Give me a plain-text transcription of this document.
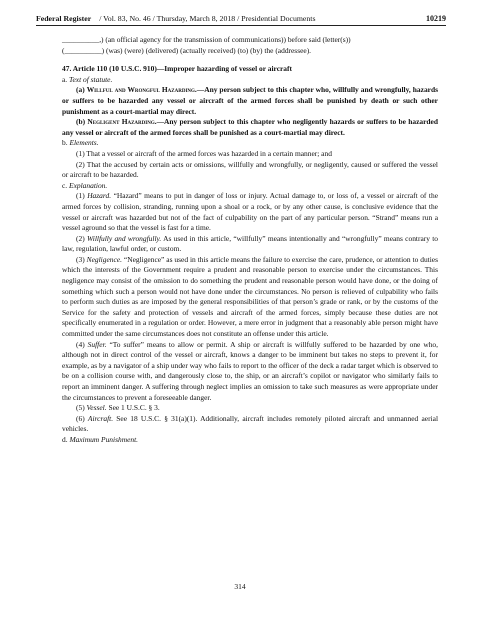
Federal Register / Vol. 83, No. 46 / Thursday, March 8, 2018 / Presidential Documents	10219

__________,) (an official agency for the transmission of communications)) before said (letter(s))

(__________) (was) (were) (delivered) (actually received) (to) (by) the (addressee).

47. Article 110 (10 U.S.C. 910)—Improper hazarding of vessel or aircraft

a. Text of statute.

(a) Willful and Wrongful Hazarding.—Any person subject to this chapter who, willfully and wrongfully, hazards or suffers to be hazarded any vessel or aircraft of the armed forces shall be punished by death or such other punishment as a court-martial may direct.

(b) Negligent Hazarding.—Any person subject to this chapter who negligently hazards or suffers to be hazarded any vessel or aircraft of the armed forces shall be punished as a court-martial may direct.

b. Elements.

(1) That a vessel or aircraft of the armed forces was hazarded in a certain manner; and

(2) That the accused by certain acts or omissions, willfully and wrongfully, or negligently, caused or suffered the vessel or aircraft to be hazarded.

c. Explanation.

(1) Hazard. “Hazard” means to put in danger of loss or injury. Actual damage to, or loss of, a vessel or aircraft of the armed forces by collision, stranding, running upon a shoal or a rock, or by any other cause, is conclusive evidence that the vessel or aircraft was hazarded but not of the fact of culpability on the part of any particular person. “Strand” means run a vessel aground so that the vessel is fast for a time.

(2) Willfully and wrongfully. As used in this article, “willfully” means intentionally and “wrongfully” means contrary to law, regulation, lawful order, or custom.

(3) Negligence. “Negligence” as used in this article means the failure to exercise the care, prudence, or attention to duties which the interests of the Government require a prudent and reasonable person to exercise under the circumstances. This negligence may consist of the omission to do something the prudent and reasonable person would have done, or the doing of something which such a person would not have done under the circumstances. No person is relieved of culpability who fails to perform such duties as are imposed by the general responsibilities of that person’s grade or rank, or by the customs of the Service for the safety and protection of vessels and aircraft of the armed forces, simply because these duties are not specifically enumerated in a regulation or order. However, a mere error in judgment that a reasonably able person might have committed under the same circumstances does not constitute an offense under this article.

(4) Suffer. “To suffer” means to allow or permit. A ship or aircraft is willfully suffered to be hazarded by one who, although not in direct control of the vessel or aircraft, knows a danger to be imminent but takes no steps to prevent it, for example, as by a navigator of a ship under way who fails to report to the officer of the deck a radar target which is observed to be on a collision course with, and dangerously close to, the ship, or an aircraft’s copilot or navigator who similarly fails to report an imminent danger. A suffering through neglect implies an omission to take such measures as were appropriate under the circumstances to prevent a foreseeable danger.

(5) Vessel. See 1 U.S.C. § 3.

(6) Aircraft. See 18 U.S.C. § 31(a)(1). Additionally, aircraft includes remotely piloted aircraft and unmanned aerial vehicles.

d. Maximum Punishment.

314
